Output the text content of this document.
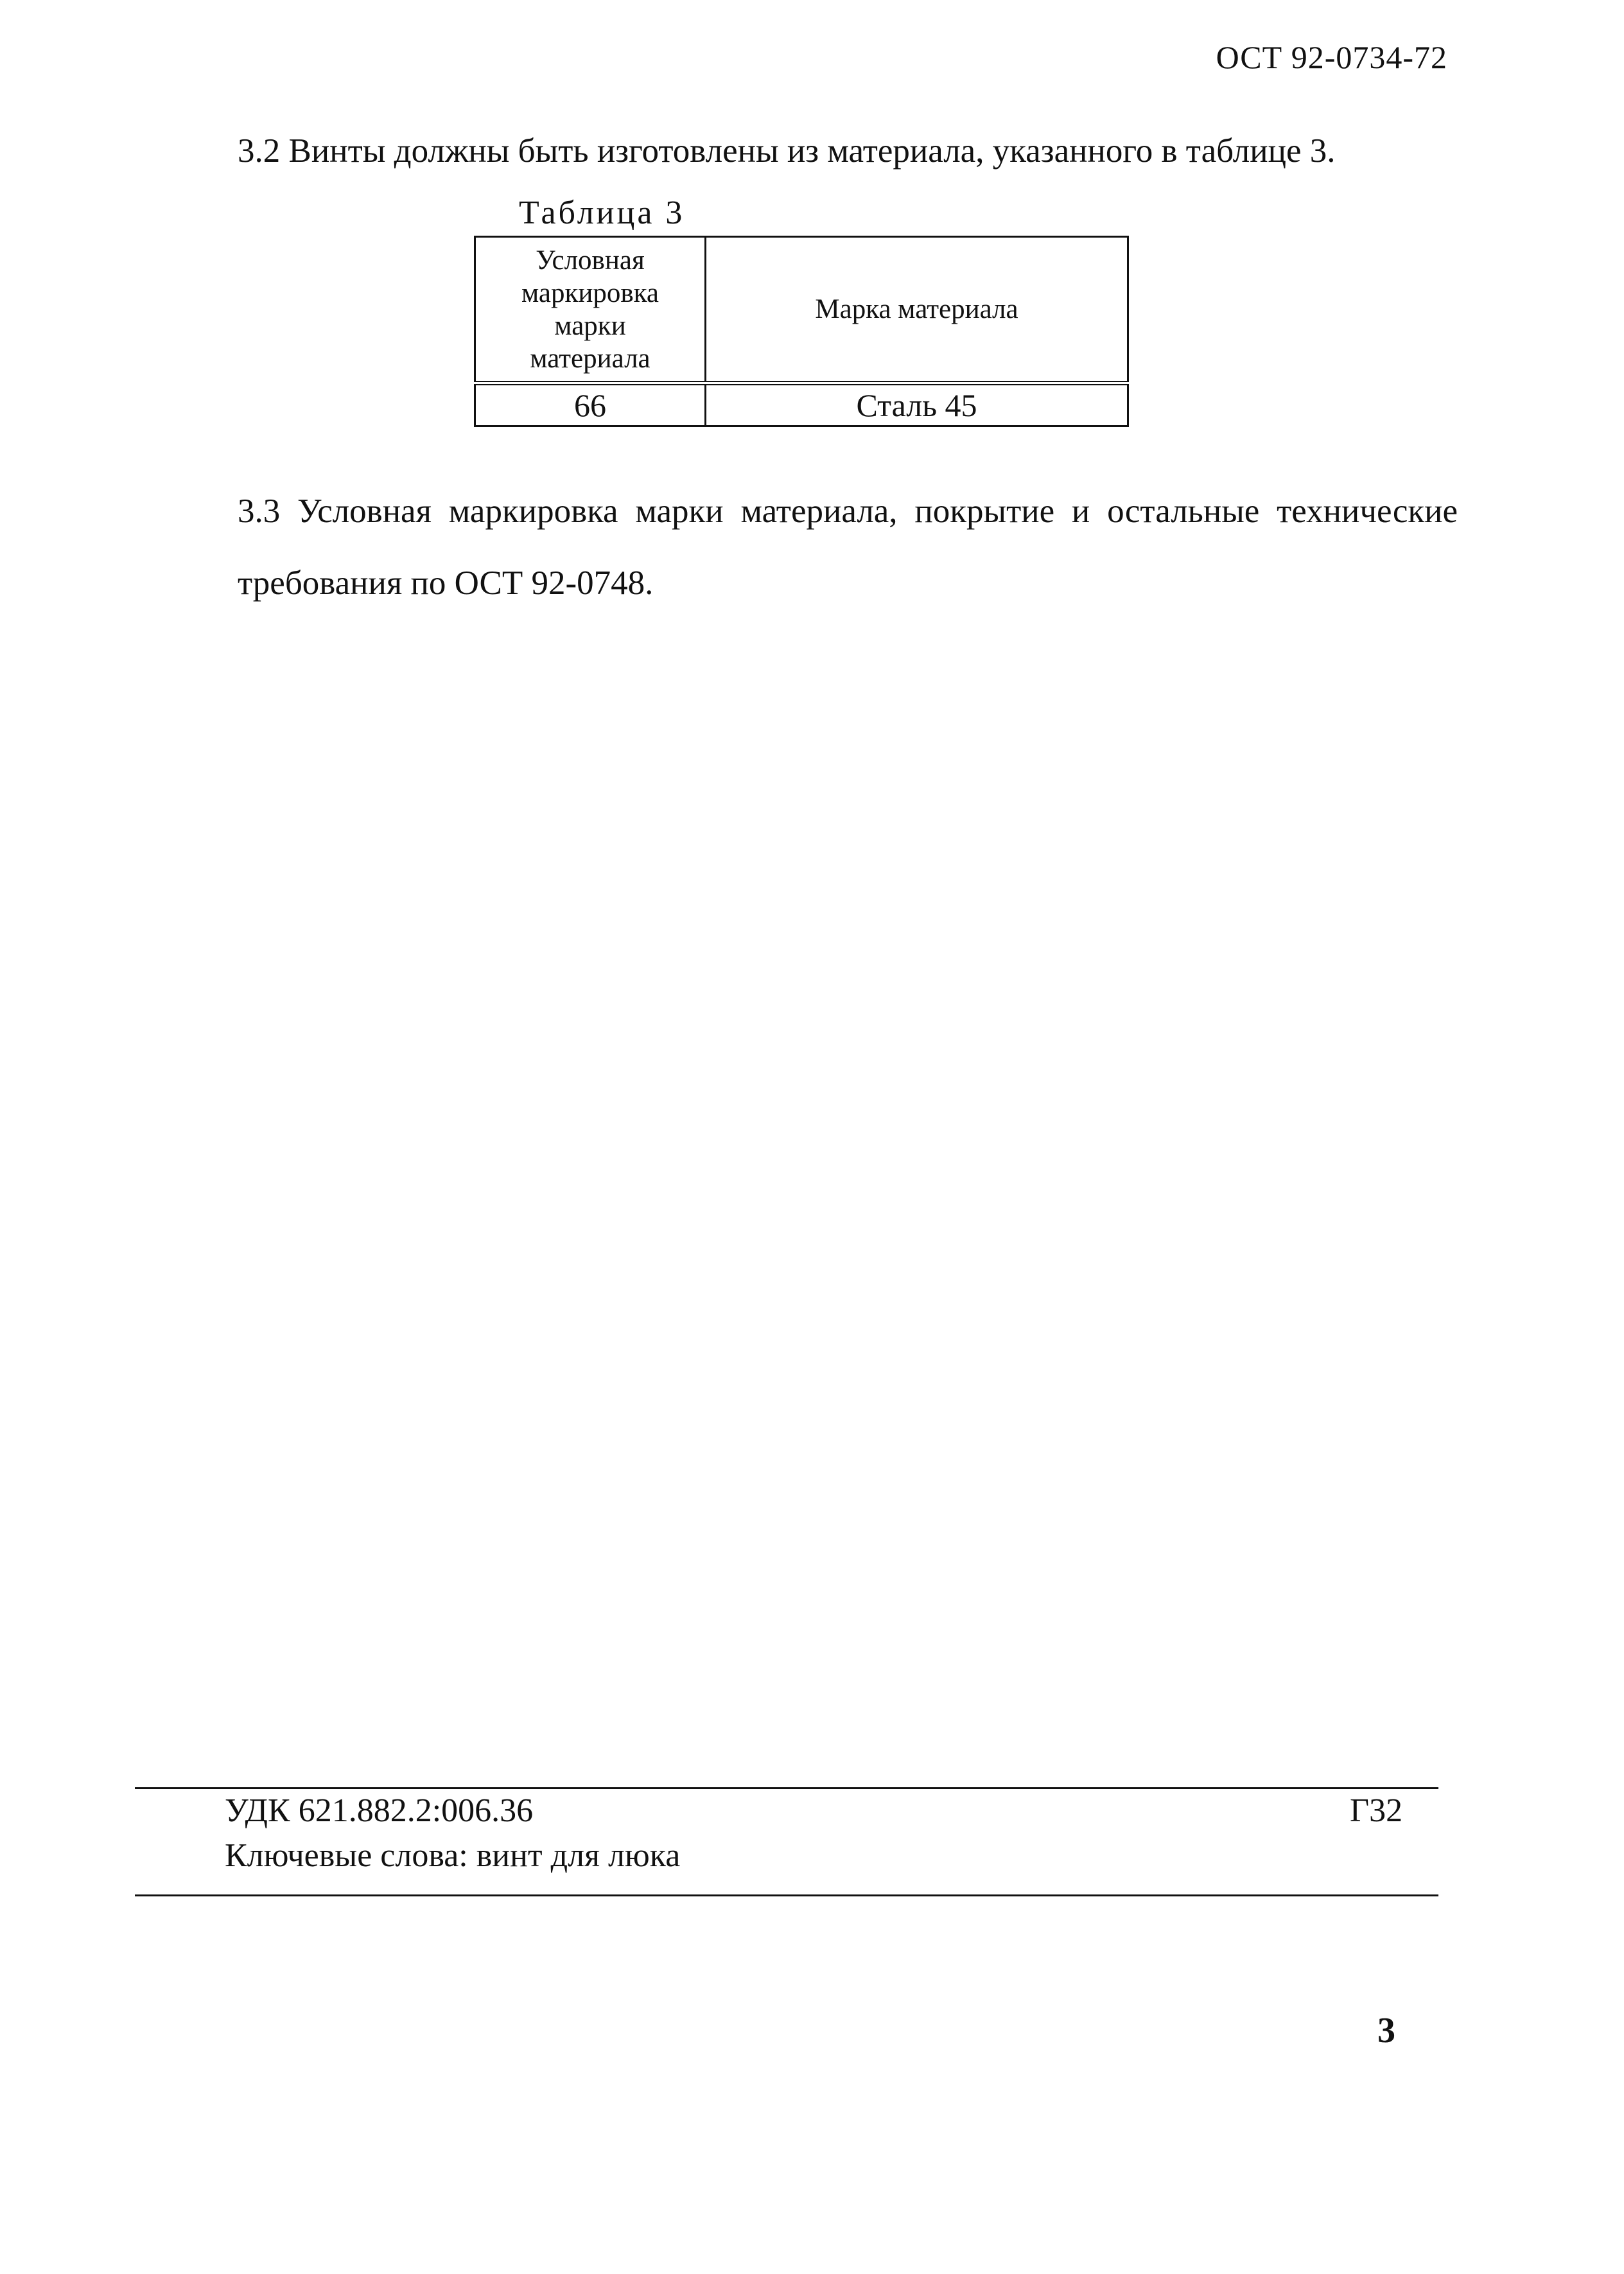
ОСТ 92-0734-72
3.2 Винты должны быть изготовлены из материала, указанного в таблице 3.
Таблица 3
Условная
маркировка
марки
материала	Марка материала
66	Сталь 45
3.3 Условная маркировка марки материала, покрытие и остальные технические требования по ОСТ 92-0748.
УДК 621.882.2:006.36	Г32
Ключевые слова: винт для люка
3
